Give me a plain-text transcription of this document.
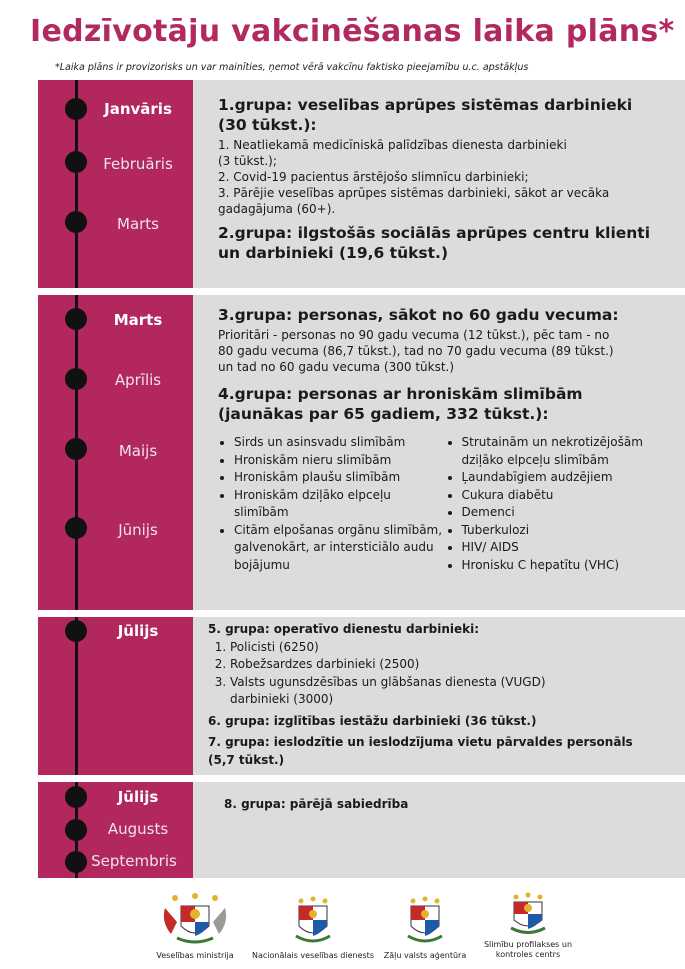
Iedzīvotāju vakcinēšanas laika plāns*
*Laika plāns ir provizorisks un var mainīties, ņemot vērā vakcīnu faktisko pieejamību u.c. apstākļus
Janvāris
Februāris
Marts
1.grupa: veselības aprūpes sistēmas darbinieki
(30 tūkst.):
1. Neatliekamā medicīniskā palīdzības dienesta darbinieki
(3 tūkst.);
2. Covid-19 pacientus ārstējošo slimnīcu darbinieki;
3. Pārējie veselības aprūpes sistēmas darbinieki, sākot ar vecāka
gadagājuma (60+).
2.grupa: ilgstošās sociālās aprūpes centru klienti
un darbinieki (19,6 tūkst.)
Marts
Aprīlis
Maijs
Jūnijs
3.grupa: personas, sākot no 60 gadu vecuma:
Prioritāri - personas no 90 gadu vecuma (12 tūkst.), pēc tam - no
80 gadu vecuma (86,7 tūkst.), tad no 70 gadu vecuma (89 tūkst.)
un tad no 60 gadu vecuma (300 tūkst.)
4.grupa: personas ar hroniskām slimībām
(jaunākas par 65 gadiem, 332 tūkst.):
• Sirds un asinsvadu slimībām
• Hroniskām nieru slimībām
• Hroniskām plaušu slimībām
• Hroniskām dziļāko elpceļu slimībām
• Citām elpošanas orgānu slimībām, galvenokārt, ar intersticiālo audu bojājumu
• Strutainām un nekrotizējošām dziļāko elpceļu slimībām
• Ļaundabīgiem audzējiem
• Cukura diabētu
• Demenci
• Tuberkulozi
• HIV/ AIDS
• Hronisku C hepatītu (VHC)
Jūlijs	5. grupa: operatīvo dienestu darbinieki:
1. Policisti (6250)
2. Robežsardzes darbinieki (2500)
3. Valsts ugunsdzēsības un glābšanas dienesta (VUGD) darbinieki (3000)
6. grupa: izglītības iestāžu darbinieki (36 tūkst.)
7. grupa: ieslodzītie un ieslodzījuma vietu pārvaldes personāls
(5,7 tūkst.)
Jūlijs
Augusts
Septembris
8. grupa: pārējā sabiedrība
Veselības ministrija	Nacionālais veselības dienests	Zāļu valsts aģentūra
Slimību profilakses un kontroles centrs
